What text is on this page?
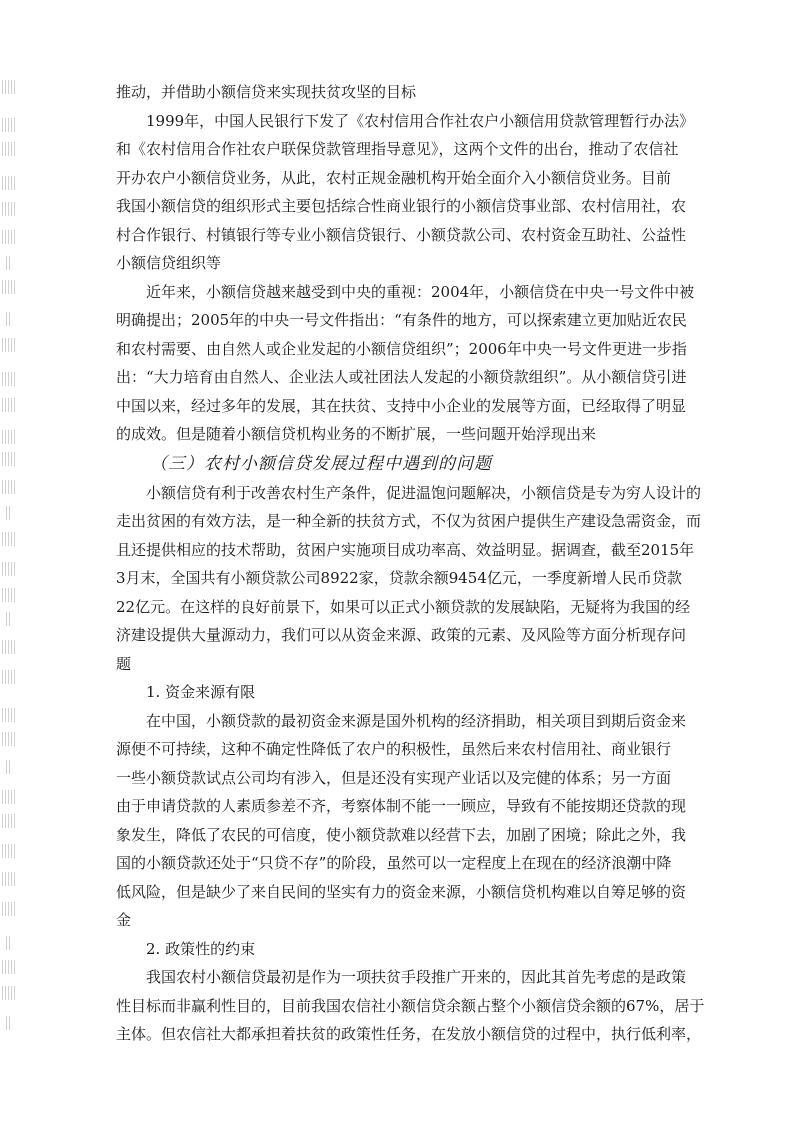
推动，并借助小额信贷来实现扶贫攻坚的目标
1999年，中国人民银行下发了《农村信用合作社农户小额信用贷款管理暂行办法》
和《农村信用合作社农户联保贷款管理指导意见》，这两个文件的出台，推动了农信社
开办农户小额信贷业务，从此，农村正规金融机构开始全面介入小额信贷业务。目前
我国小额信贷的组织形式主要包括综合性商业银行的小额信贷事业部、农村信用社，农
村合作银行、村镇银行等专业小额信贷银行、小额贷款公司、农村资金互助社、公益性
小额信贷组织等
近年来，小额信贷越来越受到中央的重视：2004年，小额信贷在中央一号文件中被
明确提出；2005年的中央一号文件指出：“有条件的地方，可以探索建立更加贴近农民
和农村需要、由自然人或企业发起的小额信贷组织”；2006年中央一号文件更进一步指
出：“大力培育由自然人、企业法人或社团法人发起的小额贷款组织”。从小额信贷引进
中国以来，经过多年的发展，其在扶贫、支持中小企业的发展等方面，已经取得了明显
的成效。但是随着小额信贷机构业务的不断扩展，一些问题开始浮现出来
（三）农村小额信贷发展过程中遇到的问题
小额信贷有利于改善农村生产条件，促进温饱问题解决，小额信贷是专为穷人设计的
走出贫困的有效方法，是一种全新的扶贫方式，不仅为贫困户提供生产建设急需资金，而
且还提供相应的技术帮助，贫困户实施项目成功率高、效益明显。据调查，截至2015年
3月末，全国共有小额贷款公司8922家，贷款余额9454亿元，一季度新增人民币贷款
22亿元。在这样的良好前景下，如果可以正式小额贷款的发展缺陷，无疑将为我国的经
济建设提供大量源动力，我们可以从资金来源、政策的元素、及风险等方面分析现存问
题
1. 资金来源有限
在中国，小额贷款的最初资金来源是国外机构的经济捐助，相关项目到期后资金来
源便不可持续，这种不确定性降低了农户的积极性，虽然后来农村信用社、商业银行
一些小额贷款试点公司均有涉入，但是还没有实现产业话以及完健的体系；另一方面
由于申请贷款的人素质参差不齐，考察体制不能一一顾应，导致有不能按期还贷款的现
象发生，降低了农民的可信度，使小额贷款难以经营下去，加剧了困境；除此之外，我
国的小额贷款还处于“只贷不存”的阶段，虽然可以一定程度上在现在的经济浪潮中降
低风险，但是缺少了来自民间的坚实有力的资金来源，小额信贷机构难以自筹足够的资
金
2. 政策性的约束
我国农村小额信贷最初是作为一项扶贫手段推广开来的，因此其首先考虑的是政策
性目标而非赢利性目的，目前我国农信社小额信贷余额占整个小额信贷余额的67%，居于
主体。但农信社大都承担着扶贫的政策性任务，在发放小额信贷的过程中，执行低利率，
